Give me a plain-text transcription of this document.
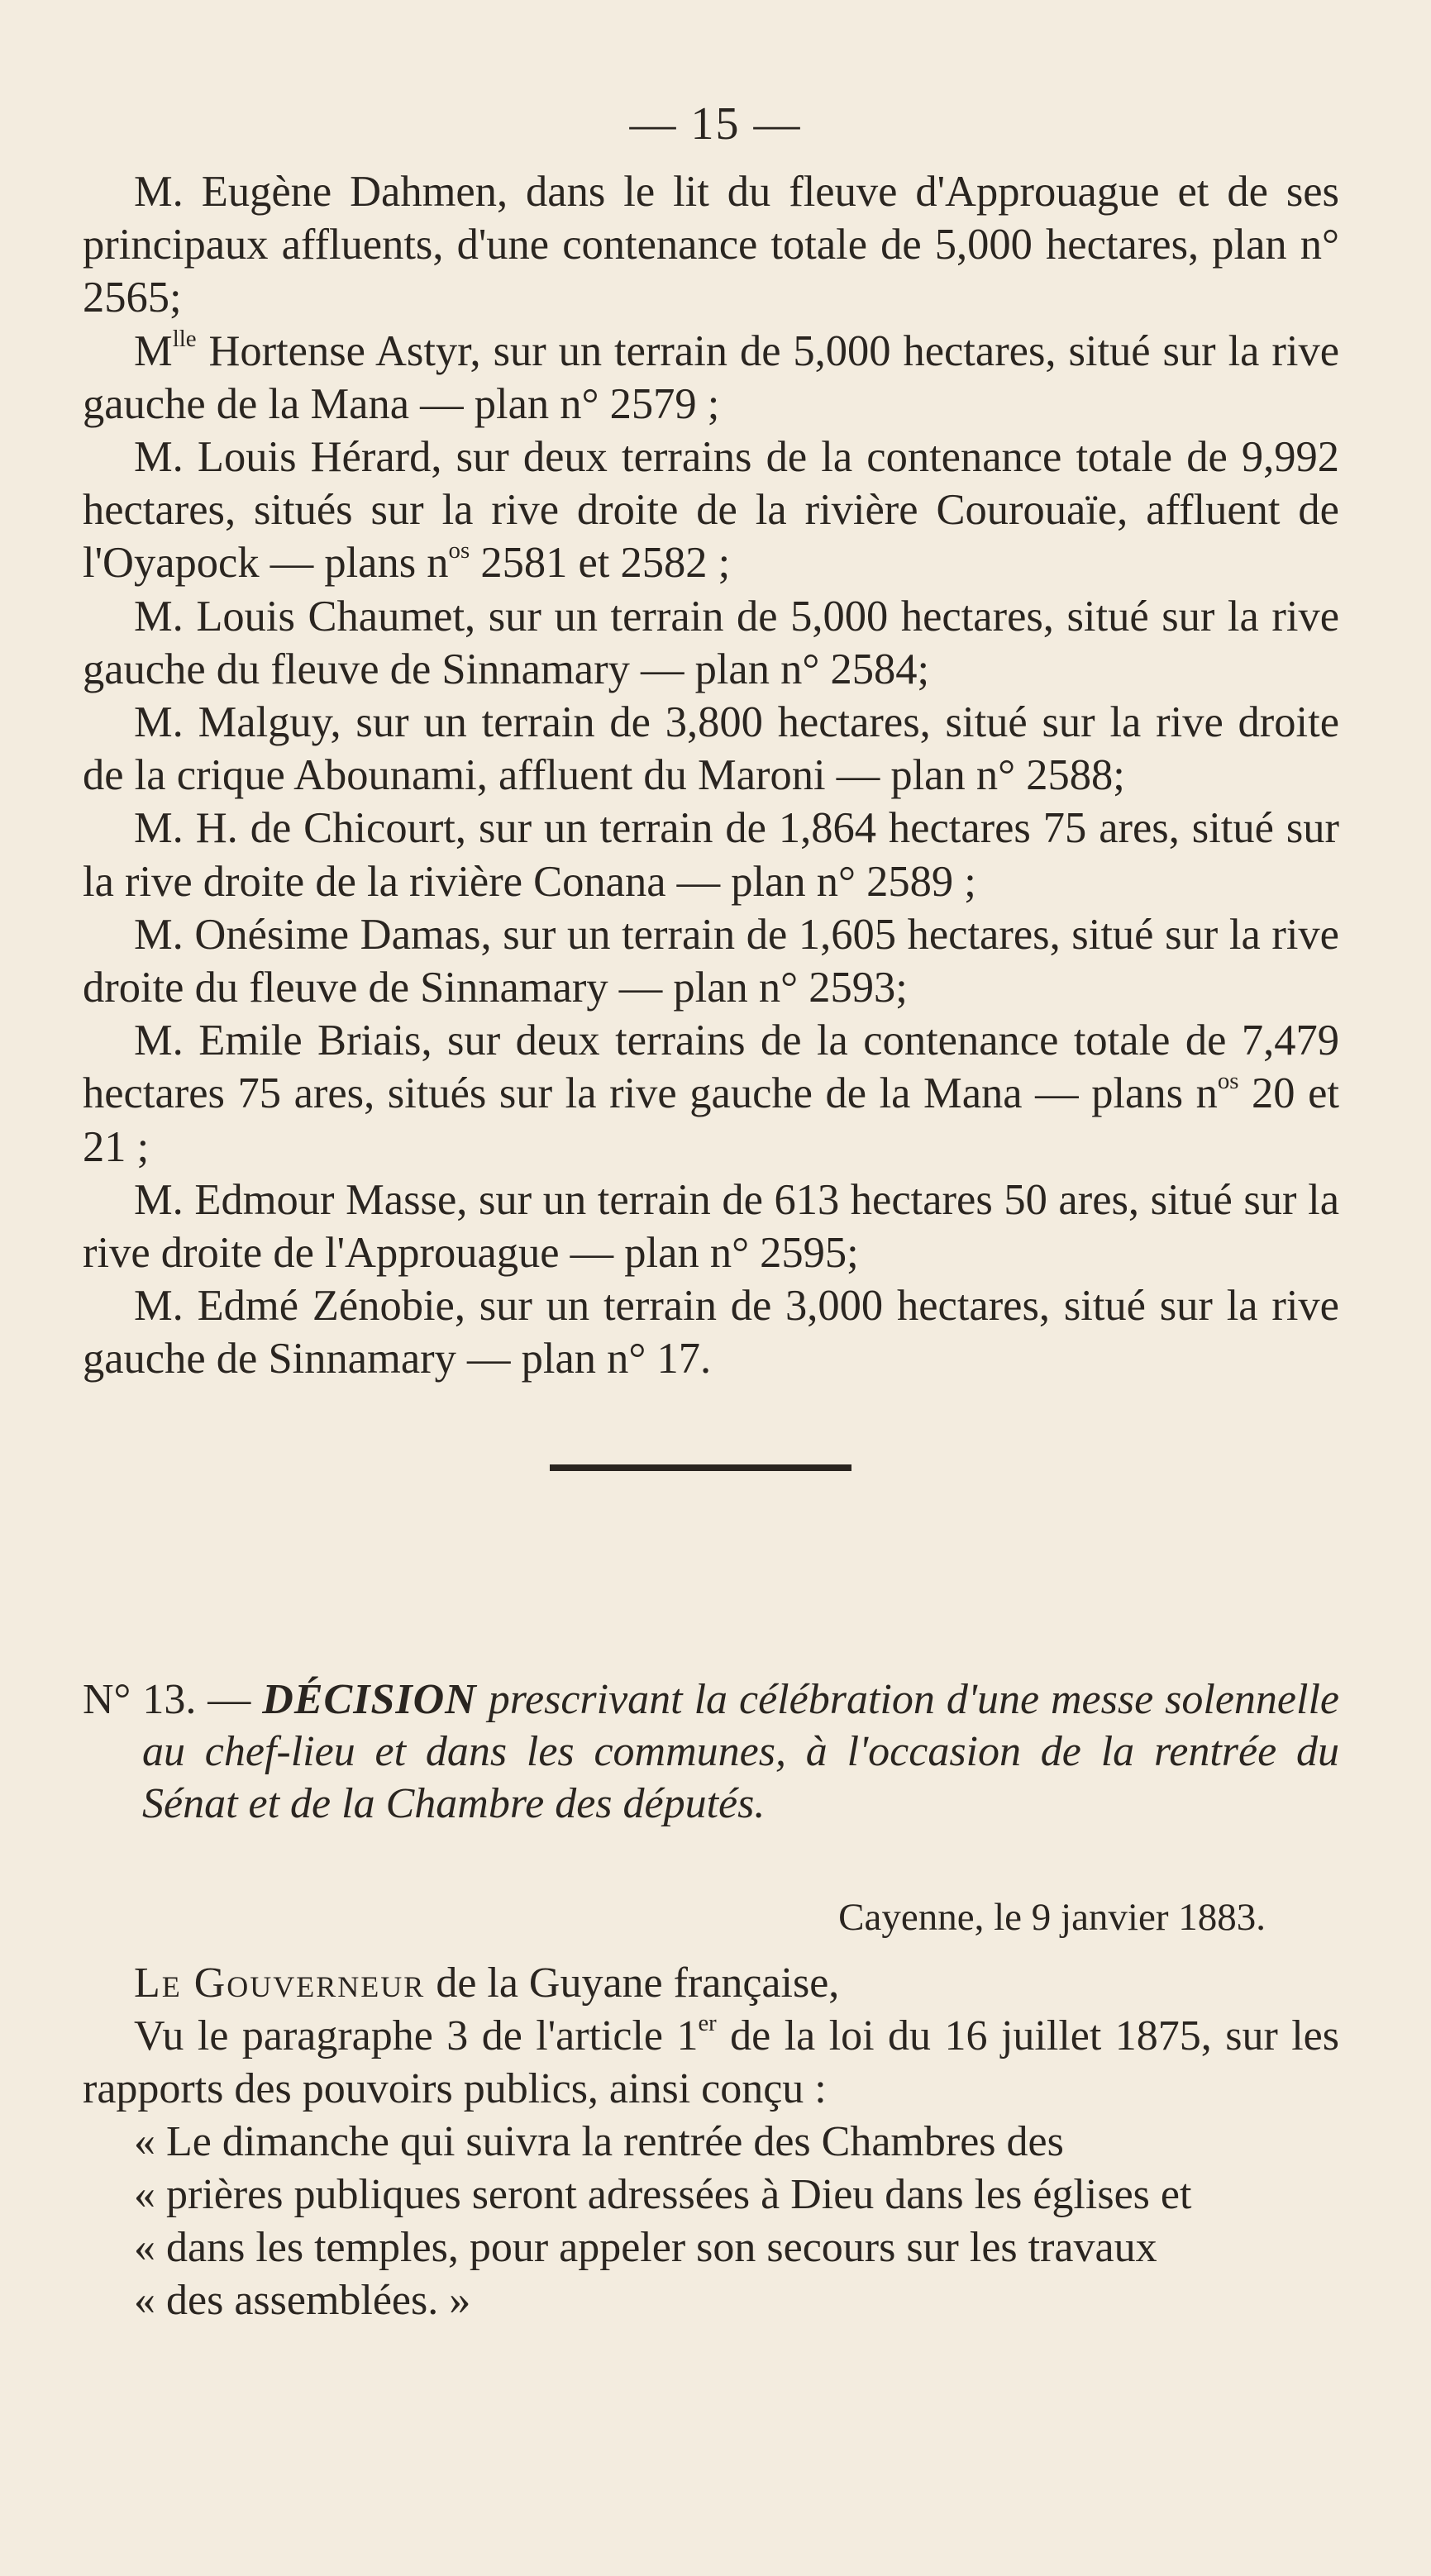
— 15 —

M. Eugène Dahmen, dans le lit du fleuve d'Approuague et de ses principaux affluents, d'une contenance totale de 5,000 hectares, plan n° 2565;

$M^{lle}$ Hortense Astyr, sur un terrain de 5,000 hectares, situé sur la rive gauche de la Mana — plan n° 2579 ;

M. Louis Hérard, sur deux terrains de la contenance totale de 9,992 hectares, situés sur la rive droite de la rivière Courouaïe, affluent de l'Oyapock — plans $n^{os}$ 2581 et 2582 ;

M. Louis Chaumet, sur un terrain de 5,000 hectares, situé sur la rive gauche du fleuve de Sinnamary — plan n° 2584;

M. Malguy, sur un terrain de 3,800 hectares, situé sur la rive droite de la crique Abounami, affluent du Maroni — plan n° 2588;

M. H. de Chicourt, sur un terrain de 1,864 hectares 75 ares, situé sur la rive droite de la rivière Conana — plan n° 2589 ;

M. Onésime Damas, sur un terrain de 1,605 hectares, situé sur la rive droite du fleuve de Sinnamary — plan n° 2593;

M. Emile Briais, sur deux terrains de la contenance totale de 7,479 hectares 75 ares, situés sur la rive gauche de la Mana — plans $n^{os}$ 20 et 21 ;

M. Edmour Masse, sur un terrain de 613 hectares 50 ares, situé sur la rive droite de l'Approuague — plan n° 2595;

M. Edmé Zénobie, sur un terrain de 3,000 hectares, situé sur la rive gauche de Sinnamary — plan n° 17.

N° 13. — DÉCISION prescrivant la célébration d'une messe solennelle au chef-lieu et dans les communes, à l'occasion de la rentrée du Sénat et de la Chambre des députés.
Cayenne, le 9 janvier 1883.

Le Gouverneur de la Guyane française,

Vu le paragraphe 3 de l'article 1er de la loi du 16 juillet 1875, sur les rapports des pouvoirs publics, ainsi conçu :

« Le dimanche qui suivra la rentrée des Chambres des

« prières publiques seront adressées à Dieu dans les églises et

« dans les temples, pour appeler son secours sur les travaux

« des assemblées. »
